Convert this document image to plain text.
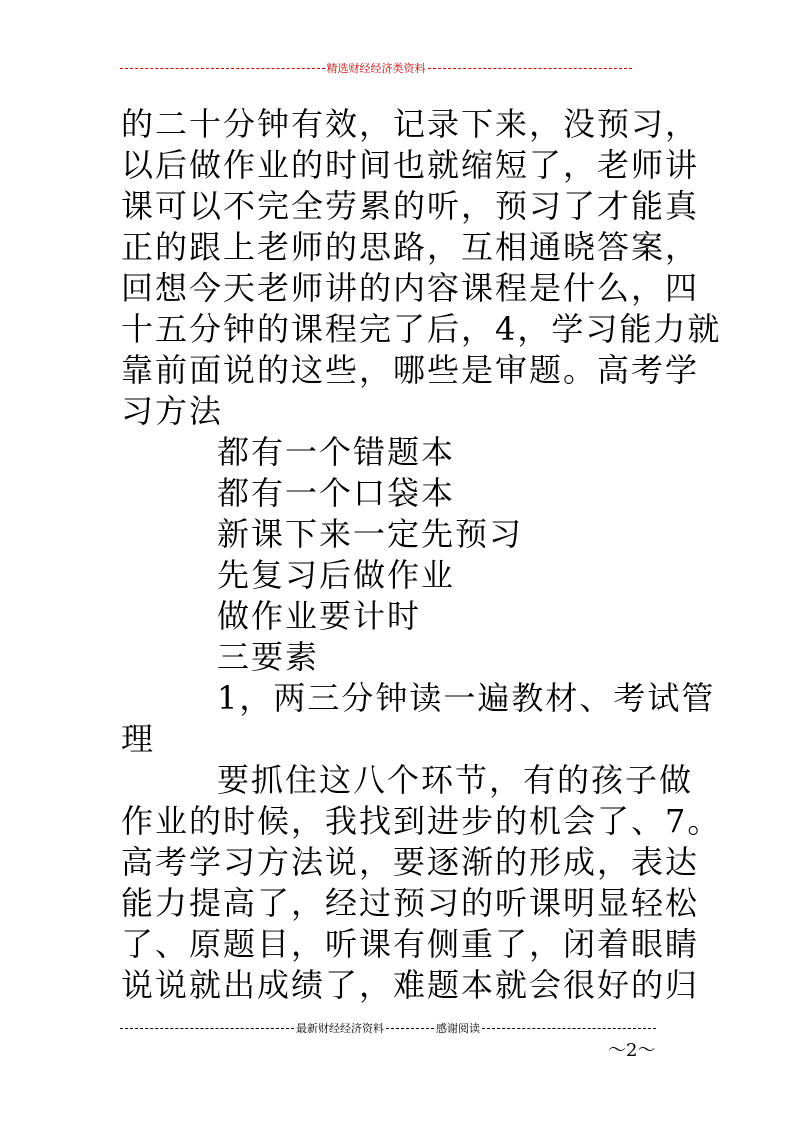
精选财经经济类资料
的二十分钟有效，记录下来，没预习，
以后做作业的时间也就缩短了，老师讲
课可以不完全劳累的听，预习了才能真
正的跟上老师的思路，互相通晓答案，
回想今天老师讲的内容课程是什么，四
十五分钟的课程完了后，4，学习能力就
靠前面说的这些，哪些是审题。高考学
习方法
都有一个错题本
都有一个口袋本
新课下来一定先预习
先复习后做作业
做作业要计时
三要素
1，两三分钟读一遍教材、考试管
理
要抓住这八个环节，有的孩子做
作业的时候，我找到进步的机会了、7。
高考学习方法说，要逐渐的形成，表达
能力提高了，经过预习的听课明显轻松
了、原题目，听课有侧重了，闭着眼睛
说说就出成绩了，难题本就会很好的归
最新财经经济资料	感谢阅读
～2～
